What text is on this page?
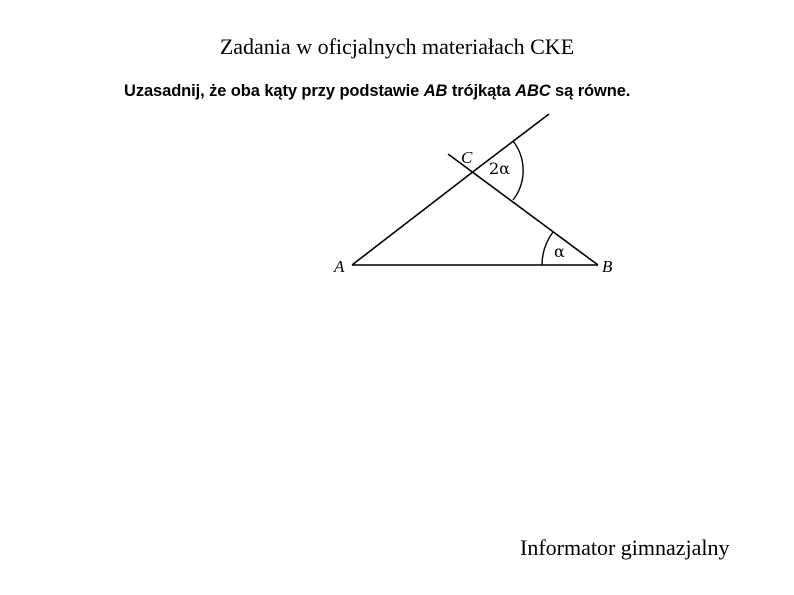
Zadania w oficjalnych materiałach CKE
Uzasadnij, że oba kąty przy podstawie AB trójkąta ABC są równe.
A	B
C
α
2α
Informator gimnazjalny
